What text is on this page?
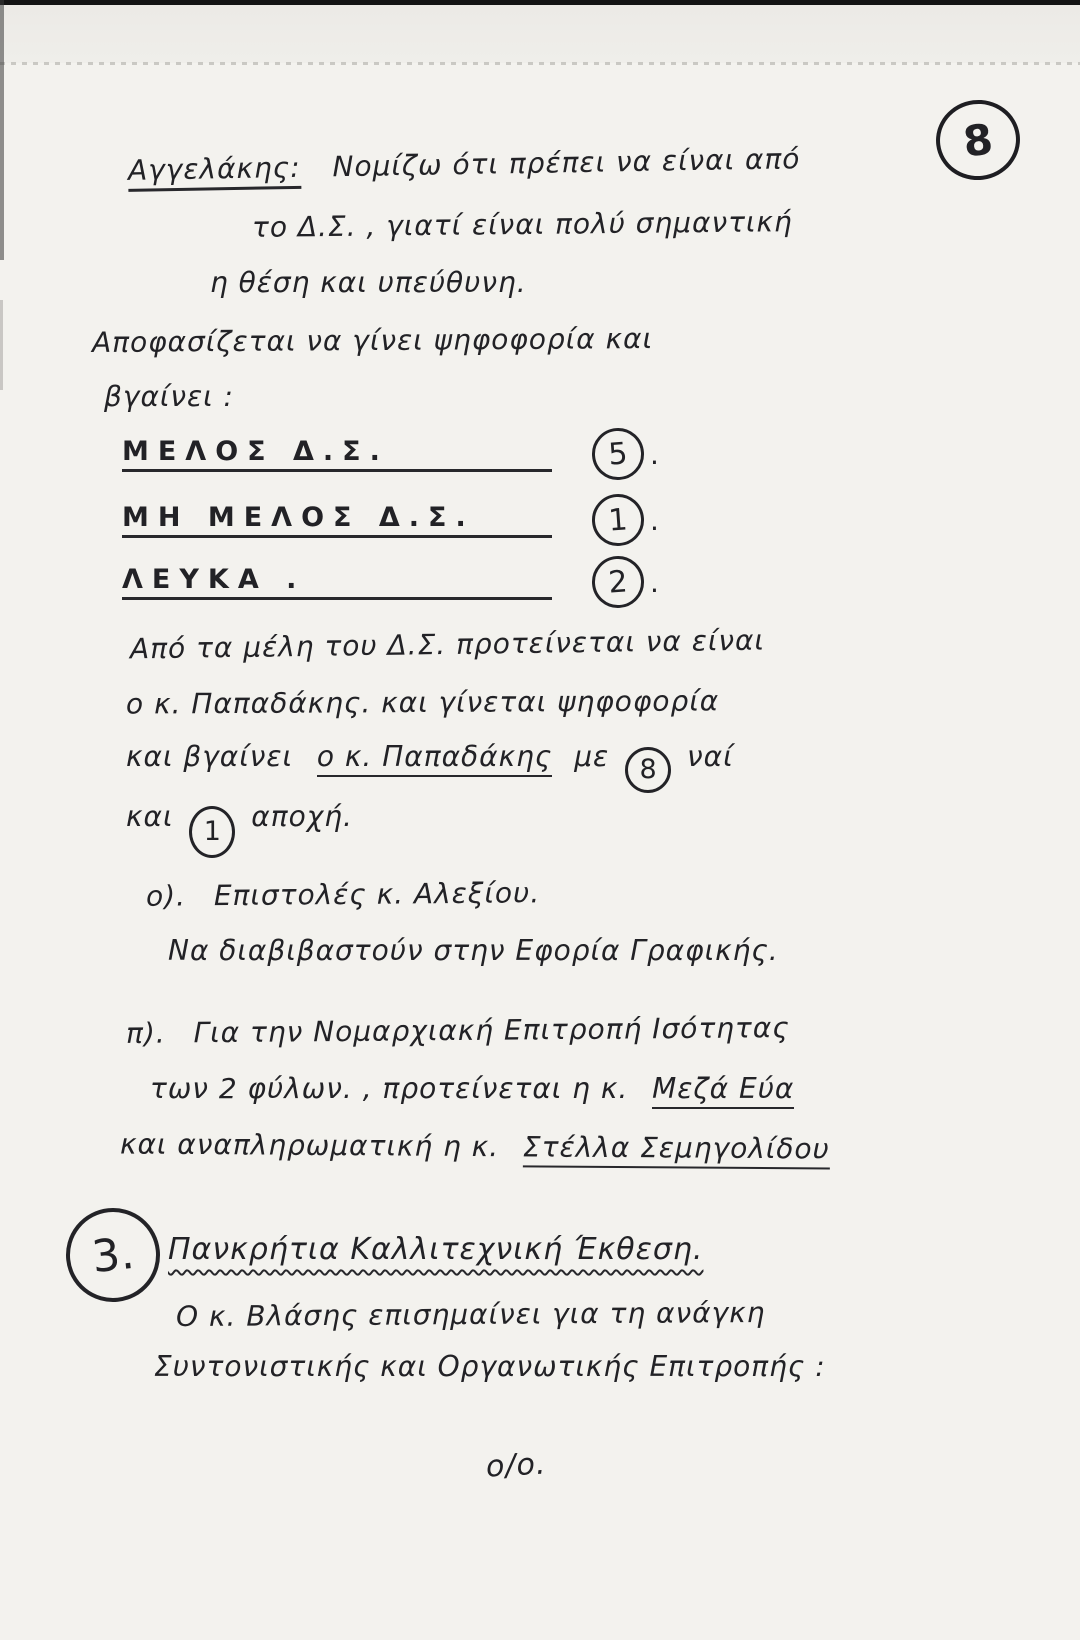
8
Αγγελάκης: Νομίζω ότι πρέπει να είναι από
το Δ.Σ. , γιατί είναι πολύ σημαντική
η θέση και υπεύθυνη.
Αποφασίζεται να γίνει ψηφοφορία και
βγαίνει :
ΜΕΛΟΣ Δ.Σ.	5 .
ΜΗ ΜΕΛΟΣ Δ.Σ.	1 .
ΛΕΥΚΑ .	2 .
Από τα μέλη του Δ.Σ. προτείνεται να είναι
ο κ. Παπαδάκης. και γίνεται ψηφοφορία
και βγαίνει ο κ. Παπαδάκης με 8 ναί
και 1 αποχή.
ο). Επιστολές κ. Αλεξίου.
Να διαβιβαστούν στην Εφορία Γραφικής.
π). Για την Νομαρχιακή Επιτροπή Ισότητας
των 2 φύλων. , προτείνεται η κ. Μεζά Εύα
και αναπληρωματική η κ. Στέλλα Σεμηγολίδου
3. Πανκρήτια Καλλιτεχνική Έκθεση.
Ο κ. Βλάσης επισημαίνει για τη ανάγκη
Συντονιστικής και Οργανωτικής Επιτροπής :
ο/ο.
